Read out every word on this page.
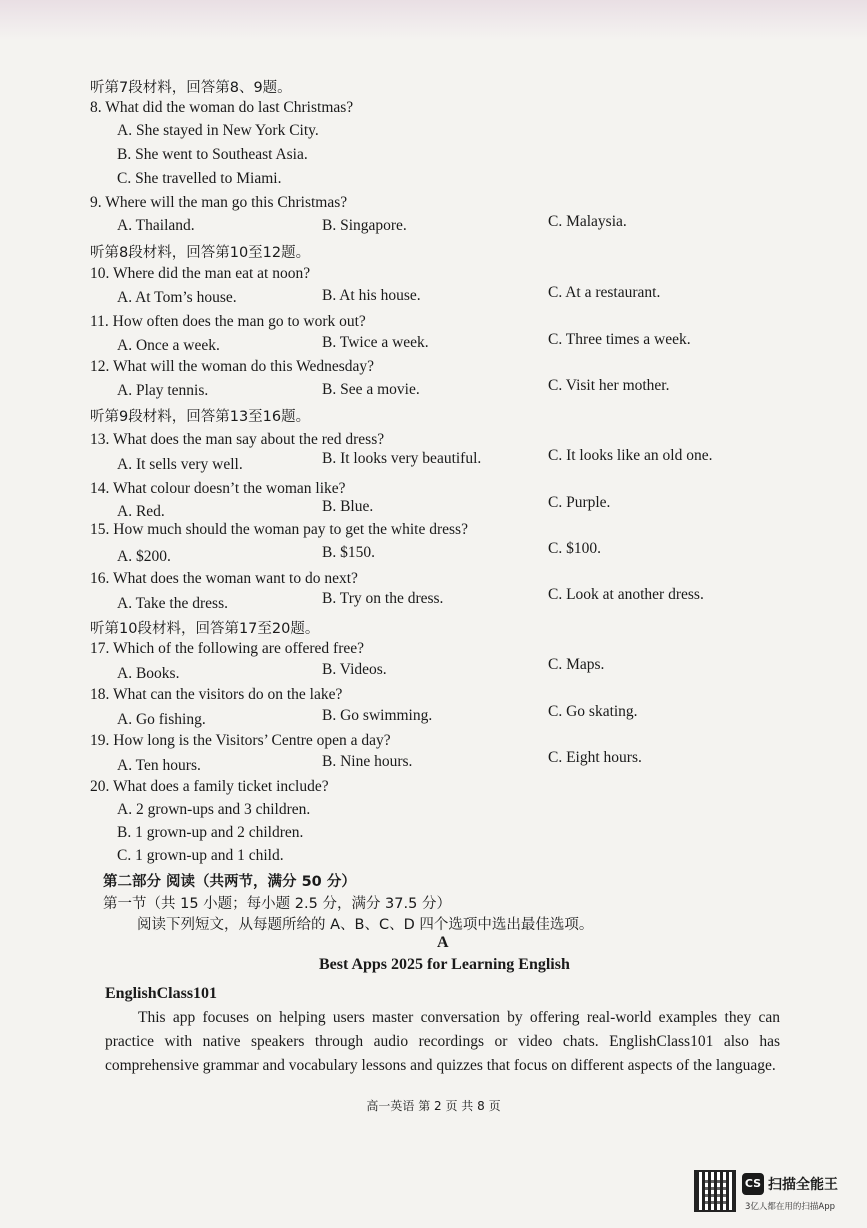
听第7段材料，回答第8、9题。
8. What did the woman do last Christmas?
A. She stayed in New York City.
B. She went to Southeast Asia.
C. She travelled to Miami.
9. Where will the man go this Christmas?
A. Thailand.	B. Singapore.	C. Malaysia.
听第8段材料，回答第10至12题。
10. Where did the man eat at noon?
A. At Tom’s house.	B. At his house.	C. At a restaurant.
11. How often does the man go to work out?
A. Once a week.	B. Twice a week.	C. Three times a week.
12. What will the woman do this Wednesday?
A. Play tennis.	B. See a movie.	C. Visit her mother.
听第9段材料，回答第13至16题。
13. What does the man say about the red dress?
A. It sells very well.	B. It looks very beautiful.	C. It looks like an old one.
14. What colour doesn’t the woman like?
A. Red.	B. Blue.	C. Purple.
15. How much should the woman pay to get the white dress?
A. $200.	B. $150.	C. $100.
16. What does the woman want to do next?
A. Take the dress.	B. Try on the dress.	C. Look at another dress.
听第10段材料，回答第17至20题。
17. Which of the following are offered free?
A. Books.	B. Videos.	C. Maps.
18. What can the visitors do on the lake?
A. Go fishing.	B. Go swimming.	C. Go skating.
19. How long is the Visitors’ Centre open a day?
A. Ten hours.	B. Nine hours.	C. Eight hours.
20. What does a family ticket include?
A. 2 grown-ups and 3 children.
B. 1 grown-up and 2 children.
C. 1 grown-up and 1 child.
第二部分 阅读（共两节，满分 50 分）
第一节（共 15 小题；每小题 2.5 分，满分 37.5 分）
阅读下列短文，从每题所给的 A、B、C、D 四个选项中选出最佳选项。
A
Best Apps 2025 for Learning English
EnglishClass101
This app focuses on helping users master conversation by offering real-world examples they can practice with native speakers through audio recordings or video chats. EnglishClass101 also has comprehensive grammar and vocabulary lessons and quizzes that focus on different aspects of the language.
高一英语 第 2 页 共 8 页
CS 扫描全能王
3亿人都在用的扫描App
